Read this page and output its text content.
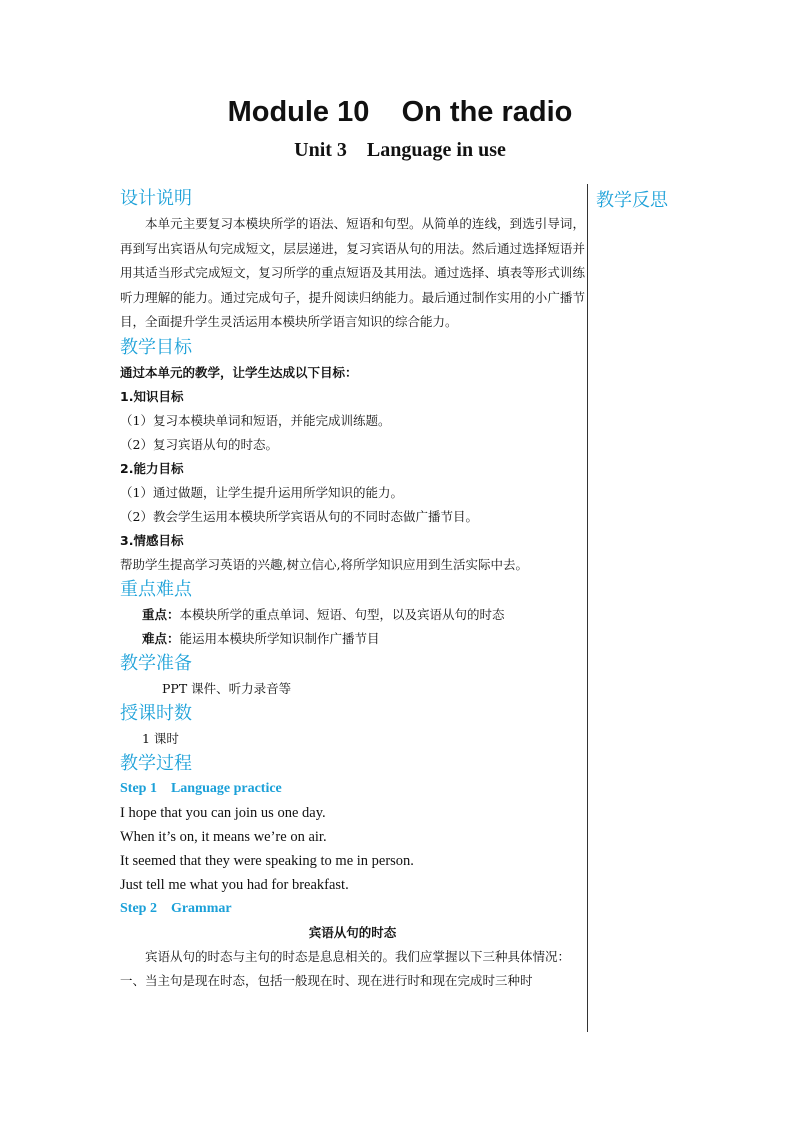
Module 10    On the radio
Unit 3    Language in use
教学反思

设计说明

本单元主要复习本模块所学的语法、短语和句型。从简单的连线，到选引导词，再到写出宾语从句完成短文，层层递进，复习宾语从句的用法。然后通过选择短语并用其适当形式完成短文，复习所学的重点短语及其用法。通过选择、填表等形式训练听力理解的能力。通过完成句子，提升阅读归纳能力。最后通过制作实用的小广播节目，全面提升学生灵活运用本模块所学语言知识的综合能力。

教学目标

通过本单元的教学，让学生达成以下目标：

1.知识目标

（1）复习本模块单词和短语，并能完成训练题。

（2）复习宾语从句的时态。

2.能力目标

（1）通过做题，让学生提升运用所学知识的能力。

（2）教会学生运用本模块所学宾语从句的不同时态做广播节目。

3.情感目标

帮助学生提高学习英语的兴趣,树立信心,将所学知识应用到生活实际中去。

重点难点

重点：本模块所学的重点单词、短语、句型，以及宾语从句的时态

难点：能运用本模块所学知识制作广播节目

教学准备

PPT 课件、听力录音等

授课时数

1 课时

教学过程

Step 1    Language practice

I hope that you can join us one day.

When it’s on, it means we’re on air.

It seemed that they were speaking to me in person.

Just tell me what you had for breakfast.

Step 2    Grammar

宾语从句的时态

宾语从句的时态与主句的时态是息息相关的。我们应掌握以下三种具体情况：

一、当主句是现在时态，包括一般现在时、现在进行时和现在完成时三种时
